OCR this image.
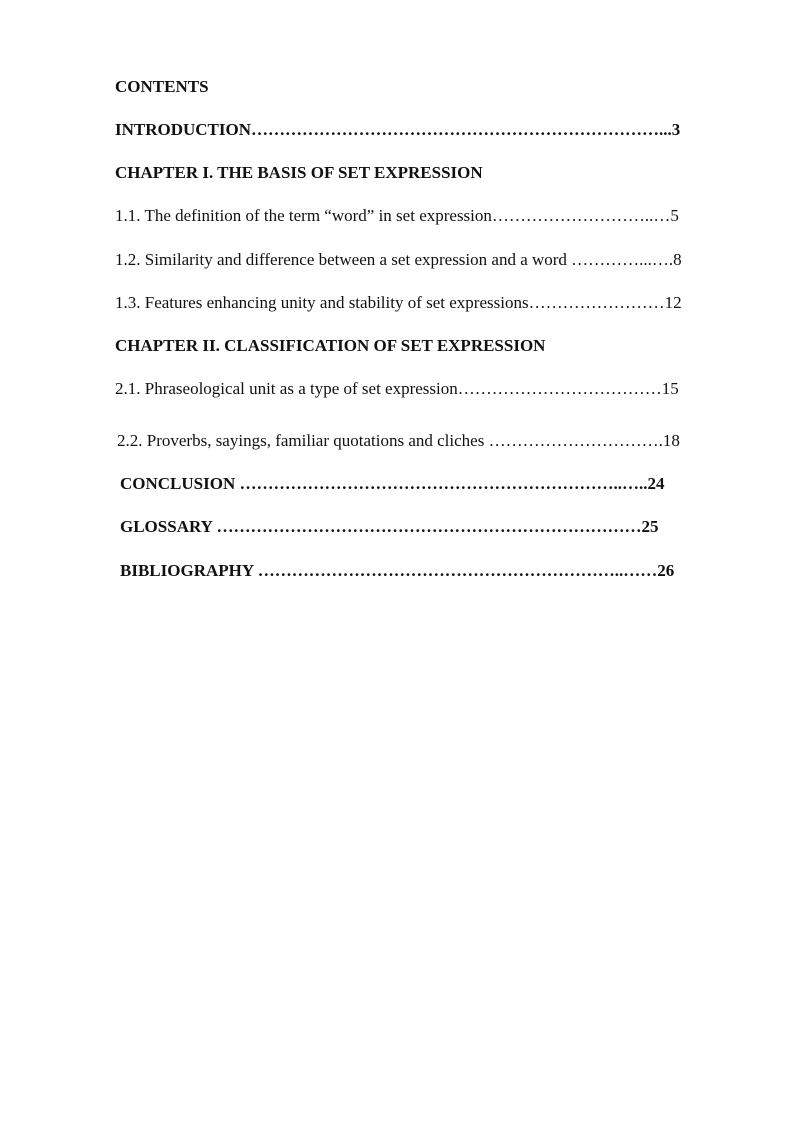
CONTENTS
INTRODUCTION………………………………………………………………...3
CHAPTER I. THE BASIS OF SET EXPRESSION
1.1. The definition of the term “word” in set expression………………………..…5
1.2. Similarity and difference between a set expression and a word …………...….8
1.3. Features enhancing unity and stability of set expressions……………………12
CHAPTER II. CLASSIFICATION OF SET EXPRESSION
2.1. Phraseological unit as a type of set expression………………………………15
2.2. Proverbs, sayings, familiar quotations and cliches ………………………….18
CONCLUSION …………………………………………………………..…..24
GLOSSARY …………………………………………………………………25
BIBLIOGRAPHY ………………………………………………………..……26
